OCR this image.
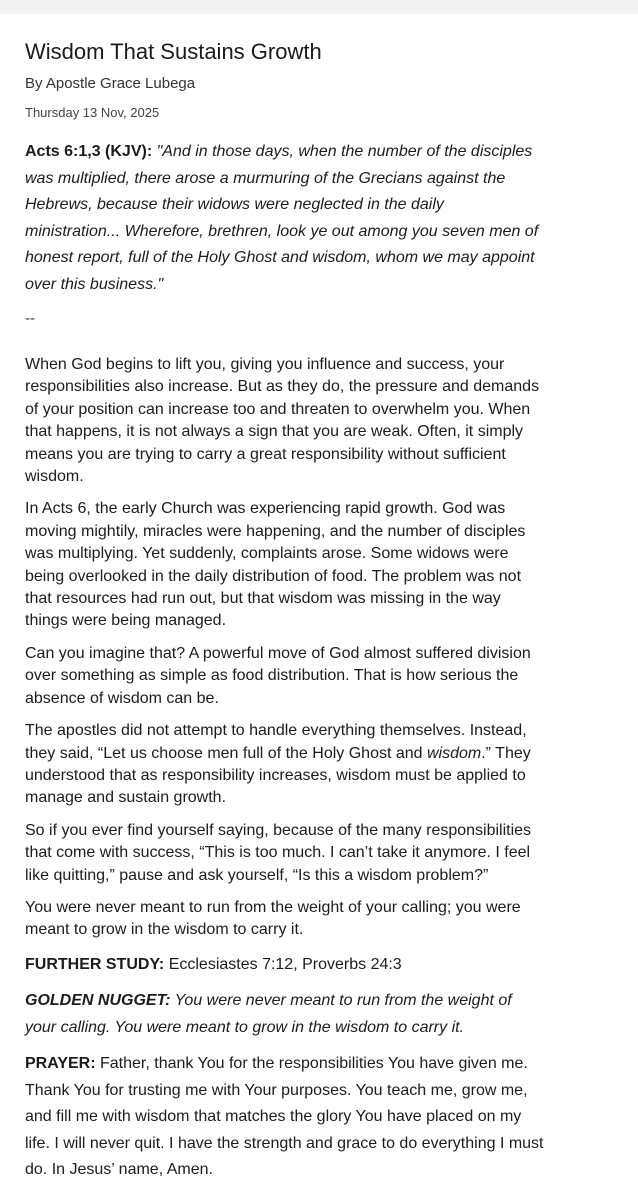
Wisdom That Sustains Growth
By Apostle Grace Lubega
Thursday 13 Nov, 2025
Acts 6:1,3 (KJV): "And in those days, when the number of the disciples
was multiplied, there arose a murmuring of the Grecians against the
Hebrews, because their widows were neglected in the daily
ministration... Wherefore, brethren, look ye out among you seven men of
honest report, full of the Holy Ghost and wisdom, whom we may appoint
over this business."
--
When God begins to lift you, giving you influence and success, your
responsibilities also increase. But as they do, the pressure and demands
of your position can increase too and threaten to overwhelm you. When
that happens, it is not always a sign that you are weak. Often, it simply
means you are trying to carry a great responsibility without sufficient
wisdom.
In Acts 6, the early Church was experiencing rapid growth. God was
moving mightily, miracles were happening, and the number of disciples
was multiplying. Yet suddenly, complaints arose. Some widows were
being overlooked in the daily distribution of food. The problem was not
that resources had run out, but that wisdom was missing in the way
things were being managed.
Can you imagine that? A powerful move of God almost suffered division
over something as simple as food distribution. That is how serious the
absence of wisdom can be.
The apostles did not attempt to handle everything themselves. Instead,
they said, “Let us choose men full of the Holy Ghost and wisdom.” They
understood that as responsibility increases, wisdom must be applied to
manage and sustain growth.
So if you ever find yourself saying, because of the many responsibilities
that come with success, “This is too much. I can’t take it anymore. I feel
like quitting,” pause and ask yourself, “Is this a wisdom problem?”
You were never meant to run from the weight of your calling; you were
meant to grow in the wisdom to carry it.
FURTHER STUDY: Ecclesiastes 7:12, Proverbs 24:3
GOLDEN NUGGET: You were never meant to run from the weight of
your calling. You were meant to grow in the wisdom to carry it.
PRAYER: Father, thank You for the responsibilities You have given me.
Thank You for trusting me with Your purposes. You teach me, grow me,
and fill me with wisdom that matches the glory You have placed on my
life. I will never quit. I have the strength and grace to do everything I must
do. In Jesus’ name, Amen.
